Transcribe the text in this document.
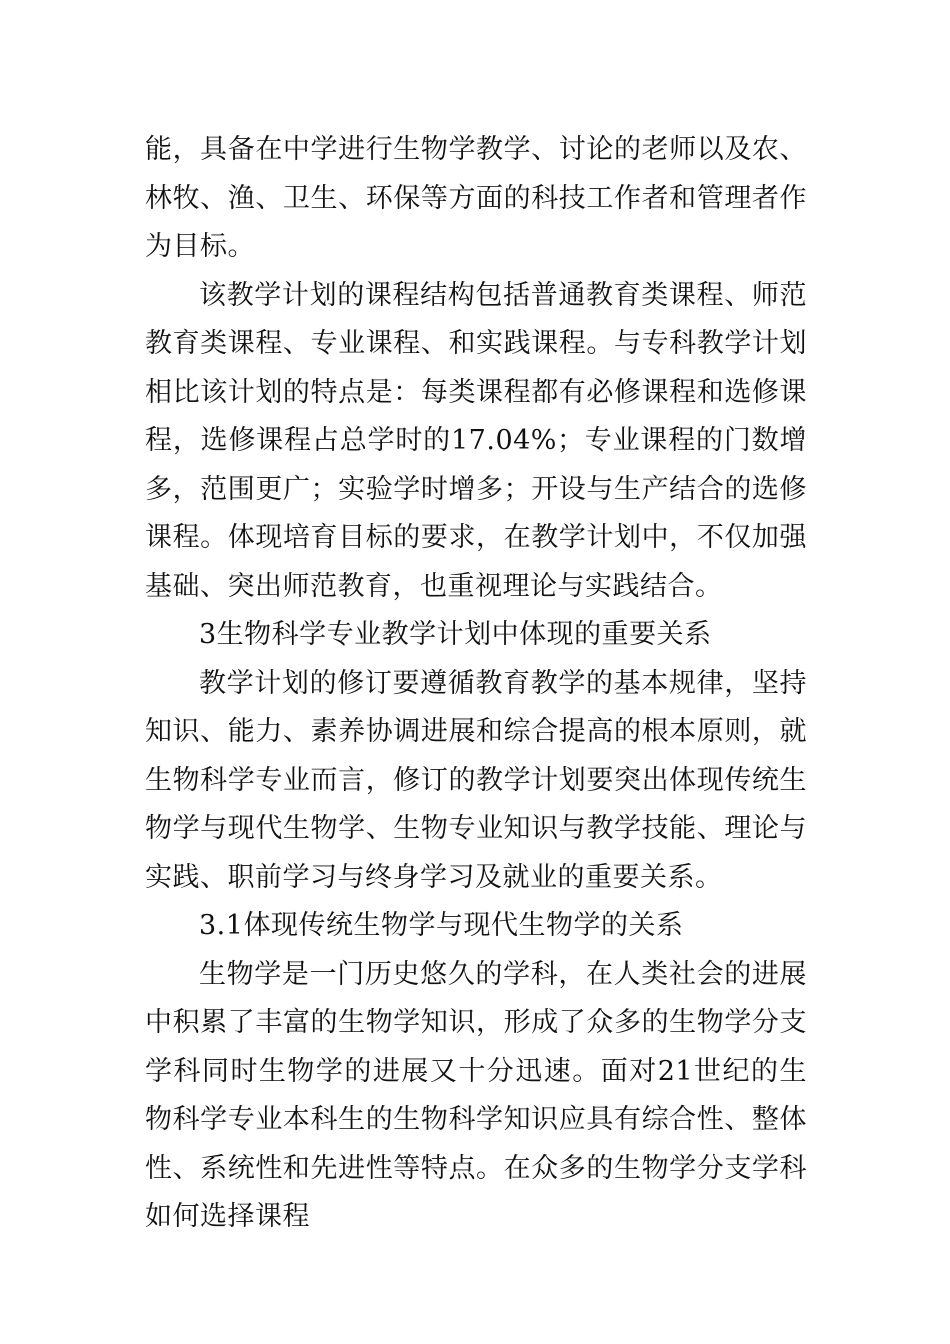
能，具备在中学进行生物学教学、讨论的老师以及农、林牧、渔、卫生、环保等方面的科技工作者和管理者作为目标。

该教学计划的课程结构包括普通教育类课程、师范教育类课程、专业课程、和实践课程。与专科教学计划相比该计划的特点是：每类课程都有必修课程和选修课程，选修课程占总学时的17.04%；专业课程的门数增多，范围更广；实验学时增多；开设与生产结合的选修课程。体现培育目标的要求，在教学计划中，不仅加强基础、突出师范教育，也重视理论与实践结合。

3生物科学专业教学计划中体现的重要关系

教学计划的修订要遵循教育教学的基本规律，坚持知识、能力、素养协调进展和综合提高的根本原则，就生物科学专业而言，修订的教学计划要突出体现传统生物学与现代生物学、生物专业知识与教学技能、理论与实践、职前学习与终身学习及就业的重要关系。

3.1体现传统生物学与现代生物学的关系

生物学是一门历史悠久的学科，在人类社会的进展中积累了丰富的生物学知识，形成了众多的生物学分支学科同时生物学的进展又十分迅速。面对21世纪的生物科学专业本科生的生物科学知识应具有综合性、整体性、系统性和先进性等特点。在众多的生物学分支学科如何选择课程
